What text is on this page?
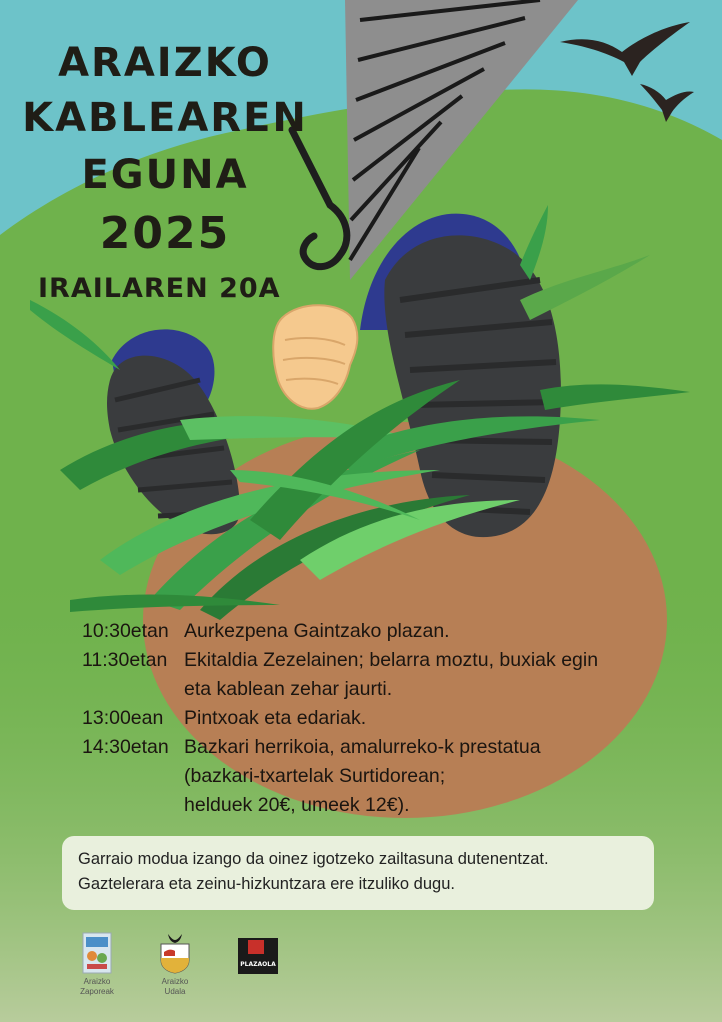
ARAIZKO
KABLEAREN
EGUNA
2025
IRAILAREN 20A
10:30etan Aurkezpena Gaintzako plazan.
11:30etan Ekitaldia Zezelainen; belarra moztu, buxiak egin
eta kablean zehar jaurti.
13:00ean	Pintxoak eta edariak.
14:30etan Bazkari herrikoia, amalurreko-k prestatua
(bazkari-txartelak Surtidorean;
helduek 20€, umeek 12€).

Garraio modua izango da oinez igotzeko zailtasuna dutenentzat.

Gaztelerara eta zeinu-hizkuntzara ere itzuliko dugu.

Araizko
Zaporeak
Araizko
Udala
PLAZAOLA
